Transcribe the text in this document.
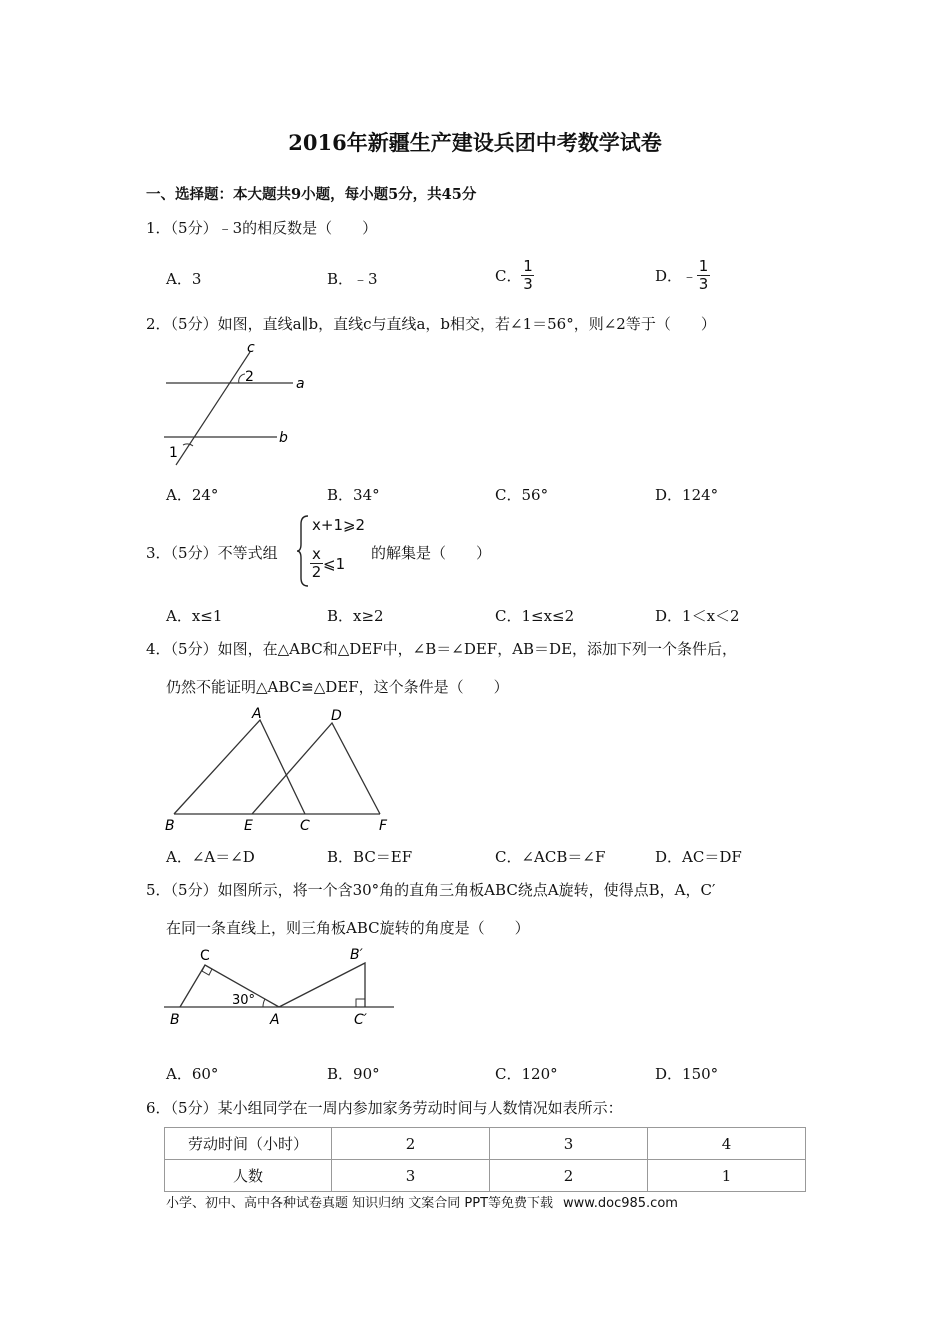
2016年新疆生产建设兵团中考数学试卷
一、选择题：本大题共9小题，每小题5分，共45分
1．（5分）﹣3的相反数是（　　）
A．3	B．﹣3	C． $\frac{1}{3}$	D．﹣ $\frac{1}{3}$
2．（5分）如图，直线a∥b，直线c与直线a，b相交，若∠1＝56°，则∠2等于（　　）
c
2	a
b
1
A．24°	B．34°	C．56°	D．124°
3．（5分）不等式组
x+1⩾2
$\frac{x}{2}$ ⩽1
的解集是（　　）
A．x≤1	B．x≥2	C．1≤x≤2	D．1＜x＜2
4．（5分）如图，在△ABC和△DEF中，∠B＝∠DEF，AB＝DE，添加下列一个条件后，
仍然不能证明△ABC≌△DEF，这个条件是（　　）
A	D
B	E	C	F
A．∠A＝∠D	B．BC＝EF	C．∠ACB＝∠F	D．AC＝DF
5．（5分）如图所示，将一个含30°角的直角三角板ABC绕点A旋转，使得点B，A，C′
在同一条直线上，则三角板ABC旋转的角度是（　　）
C
B	A
B′
C′
30°
A．60°	B．90°	C．120°	D．150°
6．（5分）某小组同学在一周内参加家务劳动时间与人数情况如表所示：
劳动时间（小时）	2	3	4
人数	3	2	1
小学、初中、高中各种试卷真题 知识归纳 文案合同 PPT等免费下载 www.doc985.com
